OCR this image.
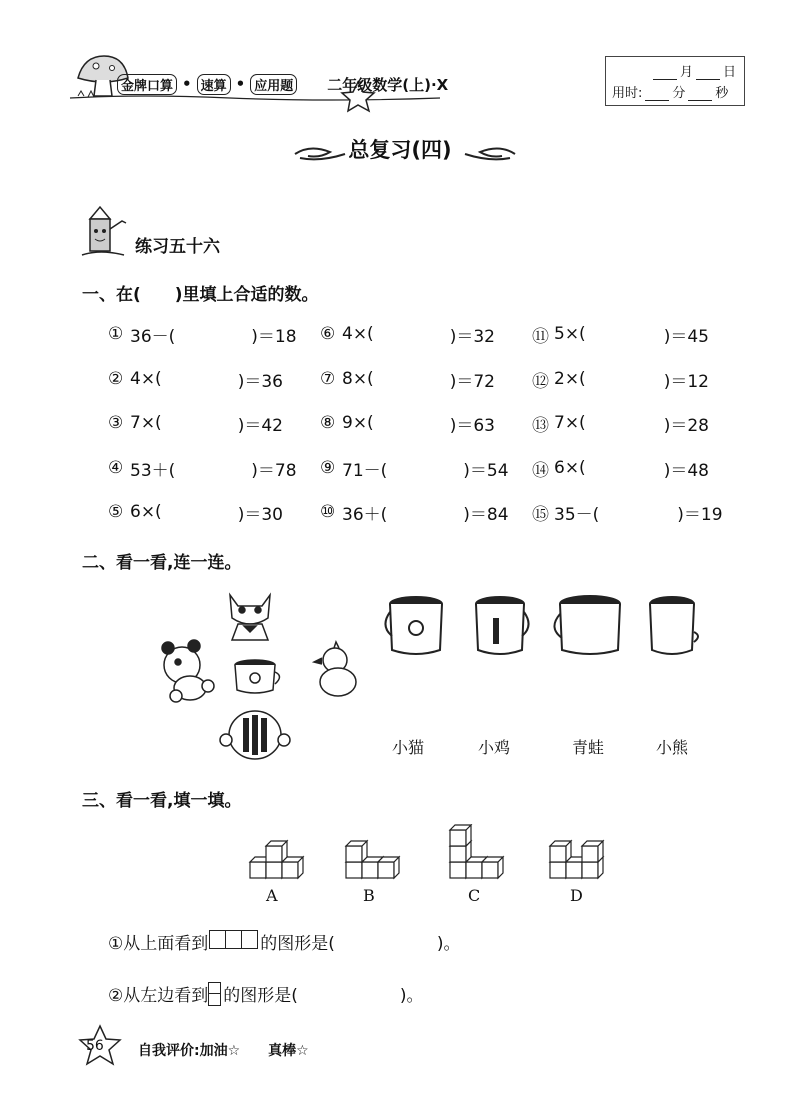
金牌口算 • 速算 • 应用题 二年级数学(上)·X
月 日
用时: 分 秒
总复习(四)
练习五十六
一、在(　　)里填上合适的数。
① 36－(	)＝18
② 4×(	)＝36
③ 7×(	)＝42
④ 53＋(	)＝78
⑤ 6×(	)＝30
⑥ 4×(	)＝32
⑦ 8×(	)＝72
⑧ 9×(	)＝63
⑨ 71－(	)＝54
⑩ 36＋(	)＝84
⑪ 5×(	)＝45
⑫ 2×(	)＝12
⑬ 7×(	)＝28
⑭ 6×(	)＝48
⑮ 35－(	)＝19
二、看一看,连一连。
小猫	小鸡	青蛙	小熊
三、看一看,填一填。
A	B	C	D
①从上面看到	的图形是(　　　　　　)。
②从左边看到 的图形是(　　　　　　)。
56 自我评价:加油☆　　真棒☆
